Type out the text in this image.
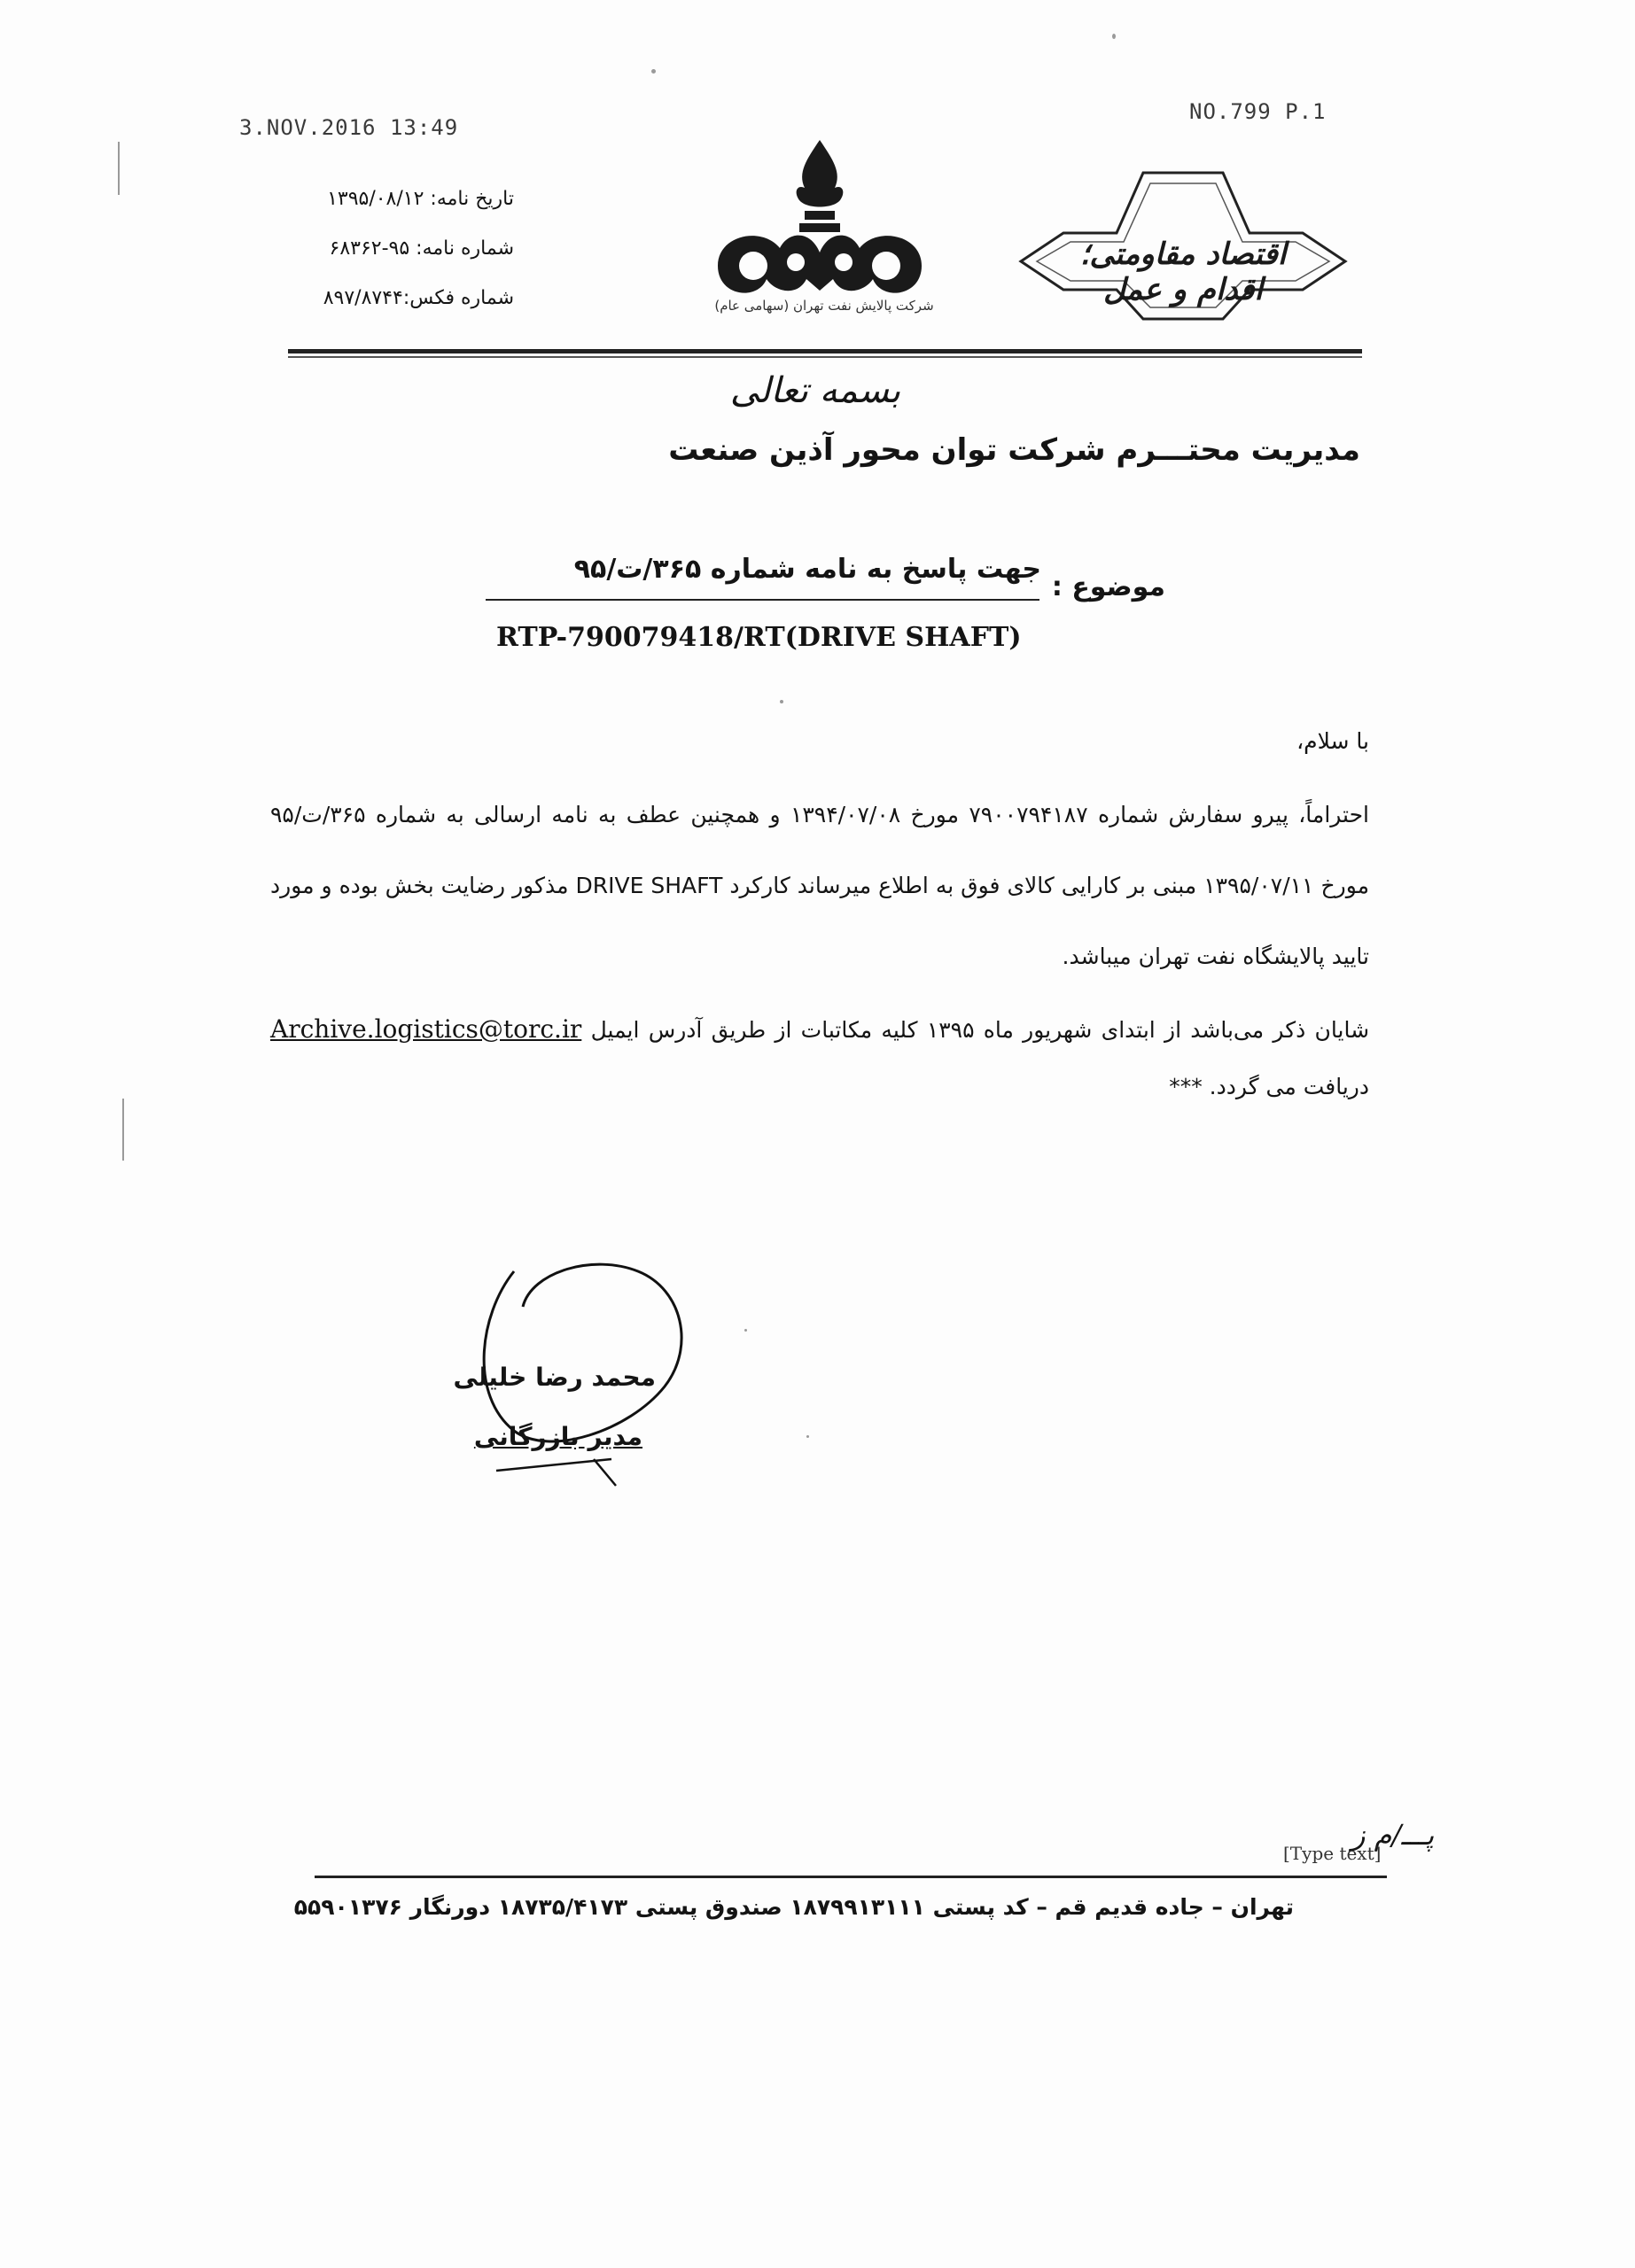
3.NOV.2016 13:49
NO.799 P.1
تاریخ نامه: ۱۳۹۵/۰۸/۱۲
شماره نامه: ۹۵-۶۸۳۶۲
شماره فکس:۸۹۷/۸۷۴۴	شرکت پالایش نفت تهران (سهامی عام)
اقتصاد مقاومتی؛ اقدام و عمل
بسمه تعالی
مدیریت محتـــرم شرکت توان محور آذین صنعت
موضوع :
جهت پاسخ به نامه شماره ۳۶۵/ت/۹۵
RTP-790079418/RT(DRIVE SHAFT)
با سلام،
احتراماً، پیرو سفارش شماره ۷۹۰۰۷۹۴۱۸۷ مورخ ۱۳۹۴/۰۷/۰۸ و همچنین عطف به نامه ارسالی به شماره ۳۶۵/ت/۹۵ مورخ ۱۳۹۵/۰۷/۱۱ مبنی بر کارایی کالای فوق به اطلاع میرساند کارکرد DRIVE SHAFT مذکور رضایت بخش بوده و مورد تایید پالایشگاه نفت تهران میباشد.
شایان ذکر می‌باشد از ابتدای شهریور ماه ۱۳۹۵ کلیه مکاتبات از طریق آدرس ایمیل Archive.logistics@torc.ir دریافت می گردد. ***
محمد رضا خلیلی
مدیر بازرگانی
پـــ/م ز
[Type text]
تهران – جاده قدیم قم – کد پستی ۱۸۷۹۹۱۳۱۱۱ صندوق پستی ۱۸۷۳۵/۴۱۷۳ دورنگار ۵۵۹۰۱۳۷۶
